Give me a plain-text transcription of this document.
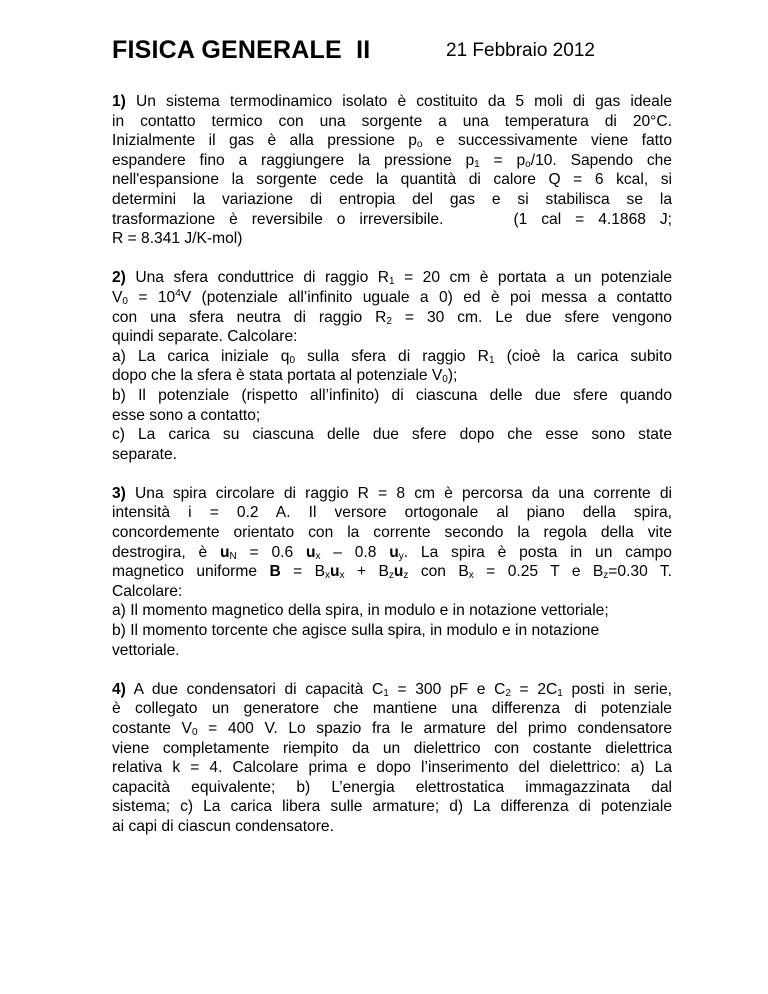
FISICA GENERALE  II	21 Febbraio 2012
1) Un sistema termodinamico isolato è costituito da 5 moli di gas ideale
in contatto termico con una sorgente a una temperatura di 20°C.
Inizialmente il gas è alla pressione $p_o$ e successivamente viene fatto
espandere fino a raggiungere la pressione $p_1 = p_o/10$. Sapendo che
nell'espansione la sorgente cede la quantità di calore Q = 6 kcal, si
determini la variazione di entropia del gas e si stabilisca se la
trasformazione è reversibile o irreversibile.	(1 cal = 4.1868 J;
R = 8.341 J/K-mol)
2) Una sfera conduttrice di raggio $R_1 = 20$ cm è portata a un potenziale
$V_0 = 10^4V$ (potenziale all’infinito uguale a 0) ed è poi messa a contatto
con una sfera neutra di raggio $R_2 = 30$ cm. Le due sfere vengono
quindi separate. Calcolare:
a) La carica iniziale $q_0$ sulla sfera di raggio $R_1$ (cioè la carica subito
dopo che la sfera è stata portata al potenziale $V_0$);
b) Il potenziale (rispetto all’infinito) di ciascuna delle due sfere quando
esse sono a contatto;
c) La carica su ciascuna delle due sfere dopo che esse sono state
separate.
3) Una spira circolare di raggio R = 8 cm è percorsa da una corrente di
intensità i = 0.2 A. Il versore ortogonale al piano della spira,
concordemente orientato con la corrente secondo la regola della vite
destrogira, è $u_N = 0.6$ $u_x - 0.8$ $u_y$. La spira è posta in un campo
magnetico uniforme $B = B_xu_x + B_zu_z$ con $B_x = 0.25$ T e $B_z=0.30$ T.
Calcolare:
a) Il momento magnetico della spira, in modulo e in notazione vettoriale;
b) Il momento torcente che agisce sulla spira, in modulo e in notazione
vettoriale.
4) A due condensatori di capacità $C_1 = 300$ pF e $C_2 = 2C_1$ posti in serie,
è collegato un generatore che mantiene una differenza di potenziale
costante $V_0 = 400$ V. Lo spazio fra le armature del primo condensatore
viene completamente riempito da un dielettrico con costante dielettrica
relativa k = 4. Calcolare prima e dopo l’inserimento del dielettrico: a) La
capacità equivalente; b) L’energia elettrostatica immagazzinata dal
sistema; c) La carica libera sulle armature; d) La differenza di potenziale
ai capi di ciascun condensatore.
